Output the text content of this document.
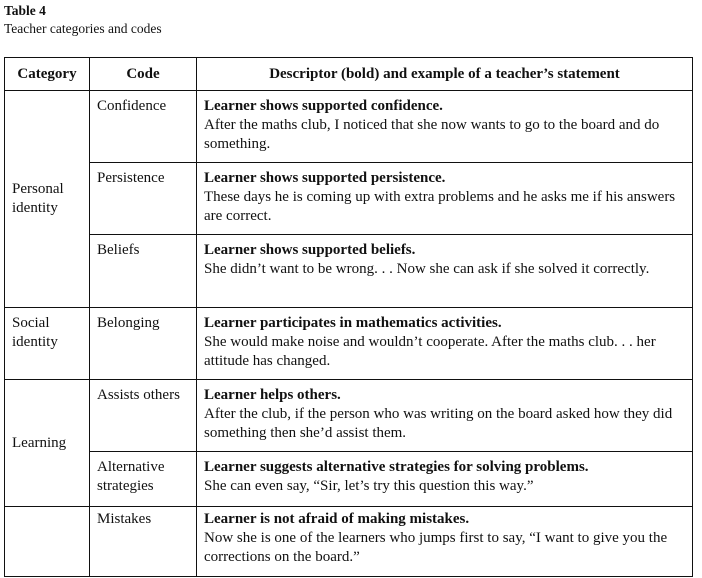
Table 4
Teacher categories and codes
Category	Code	Descriptor (bold) and example of a teacher’s statement
Personal identity	Confidence	Learner shows supported confidence.
After the maths club, I noticed that she now wants to go to the board and do something.
	Persistence	Learner shows supported persistence.
These days he is coming up with extra problems and he asks me if his answers are correct.
	Beliefs	Learner shows supported beliefs.
She didn’t want to be wrong. . . Now she can ask if she solved it correctly.
Social identity	Belonging	Learner participates in mathematics activities.
She would make noise and wouldn’t cooperate. After the maths club. . . her attitude has changed.
Learning	Assists others	Learner helps others.
After the club, if the person who was writing on the board asked how they did something then she’d assist them.
	Alternative strategies	Learner suggests alternative strategies for solving problems.
She can even say, “Sir, let’s try this question this way.”
	Mistakes	Learner is not afraid of making mistakes.
Now she is one of the learners who jumps first to say, “I want to give you the corrections on the board.”
